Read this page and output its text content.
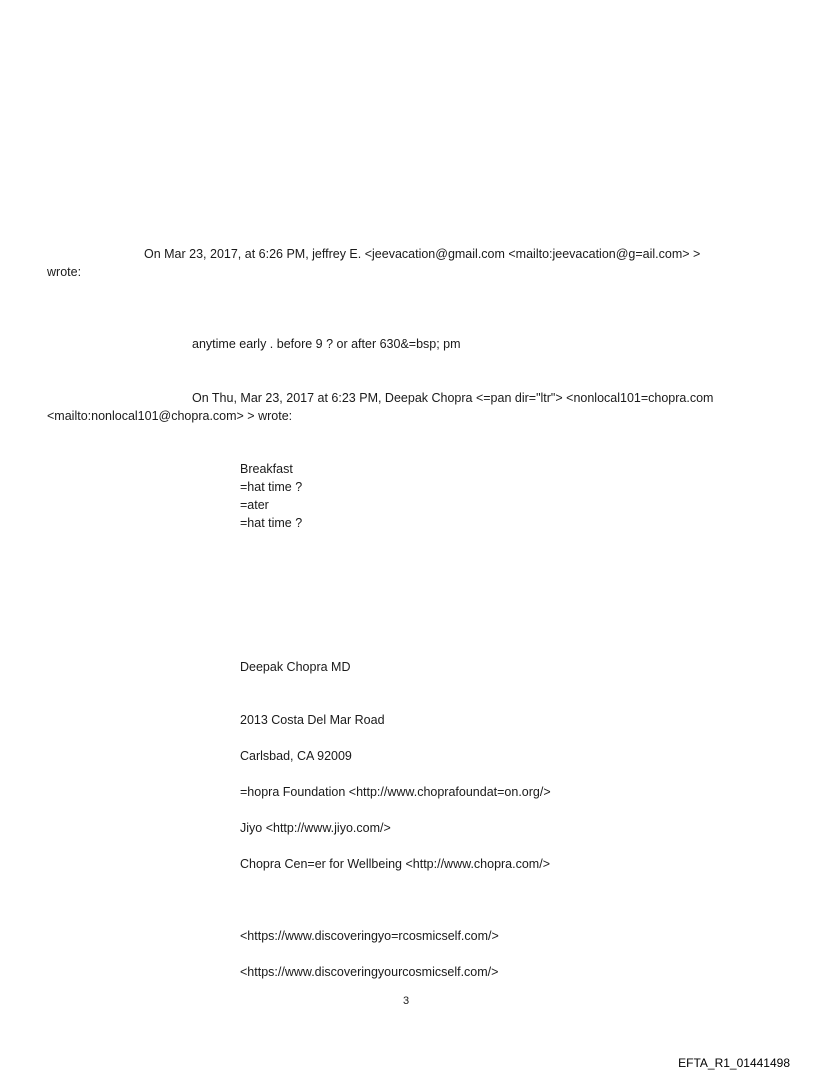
On Mar 23, 2017, at 6:26 PM, jeffrey E. <jeevacation@gmail.com <mailto:jeevacation@g=ail.com> >
wrote:
anytime early . before 9 ? or after 630&=bsp; pm
On Thu, Mar 23, 2017 at 6:23 PM, Deepak Chopra <=pan dir="ltr"> <nonlocal101=chopra.com
<mailto:nonlocal101@chopra.com> > wrote:
Breakfast
=hat time ?
=ater
=hat time ?
Deepak Chopra MD
2013 Costa Del Mar Road
Carlsbad, CA 92009
=hopra Foundation <http://www.choprafoundat=on.org/>
Jiyo <http://www.jiyo.com/>
Chopra Cen=er for Wellbeing <http://www.chopra.com/>
<https://www.discoveringyo=rcosmicself.com/>
<https://www.discoveringyourcosmicself.com/>
3
EFTA_R1_01441498
